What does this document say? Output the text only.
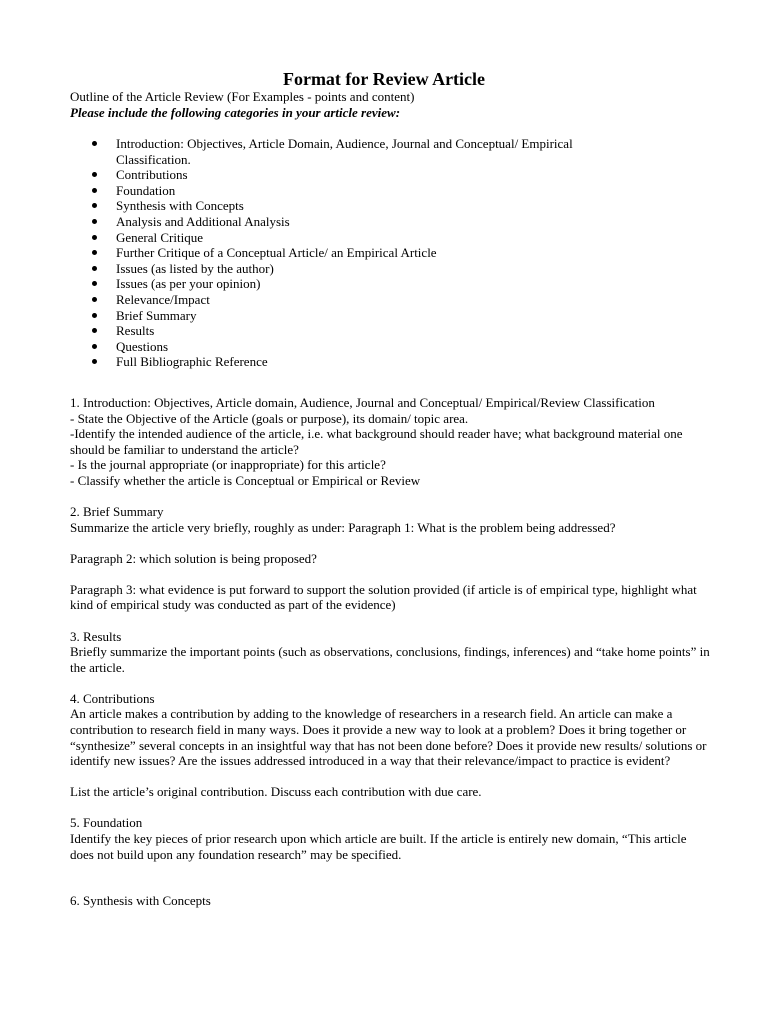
Format for Review Article
Outline of the Article Review (For Examples - points and content)
Please include the following categories in your article review:
Introduction: Objectives, Article Domain, Audience, Journal and Conceptual/ Empirical Classification.
Contributions
Foundation
Synthesis with Concepts
Analysis and Additional Analysis
General Critique
Further Critique of a Conceptual Article/ an Empirical Article
Issues (as listed by the author)
Issues (as per your opinion)
Relevance/Impact
Brief Summary
Results
Questions
Full Bibliographic Reference

1. Introduction: Objectives, Article domain, Audience, Journal and Conceptual/ Empirical/Review Classification

- State the Objective of the Article (goals or purpose), its domain/ topic area.

-Identify the intended audience of the article, i.e. what background should reader have; what background material one should be familiar to understand the article?

- Is the journal appropriate (or inappropriate) for this article?

- Classify whether the article is Conceptual or Empirical or Review

2. Brief Summary

Summarize the article very briefly, roughly as under: Paragraph 1: What is the problem being addressed?

Paragraph 2: which solution is being proposed?

Paragraph 3: what evidence is put forward to support the solution provided (if article is of empirical type, highlight what kind of empirical study was conducted as part of the evidence)

3. Results

Briefly summarize the important points (such as observations, conclusions, findings, inferences) and “take home points” in the article.

4. Contributions

An article makes a contribution by adding to the knowledge of researchers in a research field. An article can make a contribution to research field in many ways. Does it provide a new way to look at a problem? Does it bring together or “synthesize” several concepts in an insightful way that has not been done before? Does it provide new results/ solutions or identify new issues? Are the issues addressed introduced in a way that their relevance/impact to practice is evident?

List the article’s original contribution. Discuss each contribution with due care.

5. Foundation

Identify the key pieces of prior research upon which article are built. If the article is entirely new domain, “This article does not build upon any foundation research” may be specified.

6. Synthesis with Concepts
